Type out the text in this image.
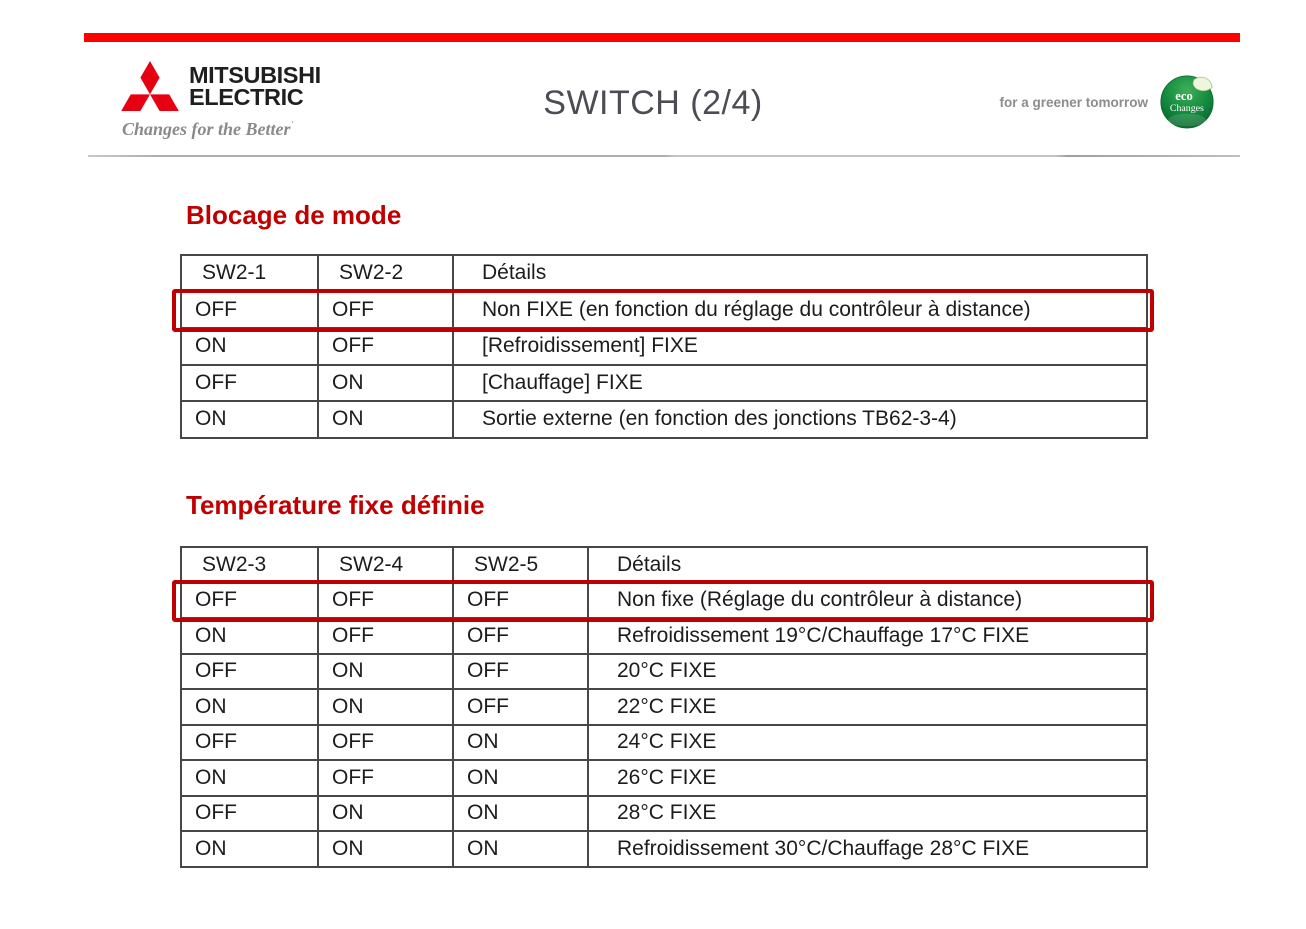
MITSUBISHI
ELECTRIC
Changes for the Better'
SWITCH (2/4)	for a greener tomorrow eco
Changes
Blocage de mode
SW2-1	SW2-2	Détails
OFF	OFF	Non FIXE (en fonction du réglage du contrôleur à distance)
ON	OFF	[Refroidissement] FIXE
OFF	ON	[Chauffage] FIXE
ON	ON	Sortie externe (en fonction des jonctions TB62-3-4)
Température fixe définie
SW2-3	SW2-4	SW2-5	Détails
OFF	OFF	OFF	Non fixe (Réglage du contrôleur à distance)
ON	OFF	OFF	Refroidissement 19°C/Chauffage 17°C FIXE
OFF	ON	OFF	20°C FIXE
ON	ON	OFF	22°C FIXE
OFF	OFF	ON	24°C FIXE
ON	OFF	ON	26°C FIXE
OFF	ON	ON	28°C FIXE
ON	ON	ON	Refroidissement 30°C/Chauffage 28°C FIXE
